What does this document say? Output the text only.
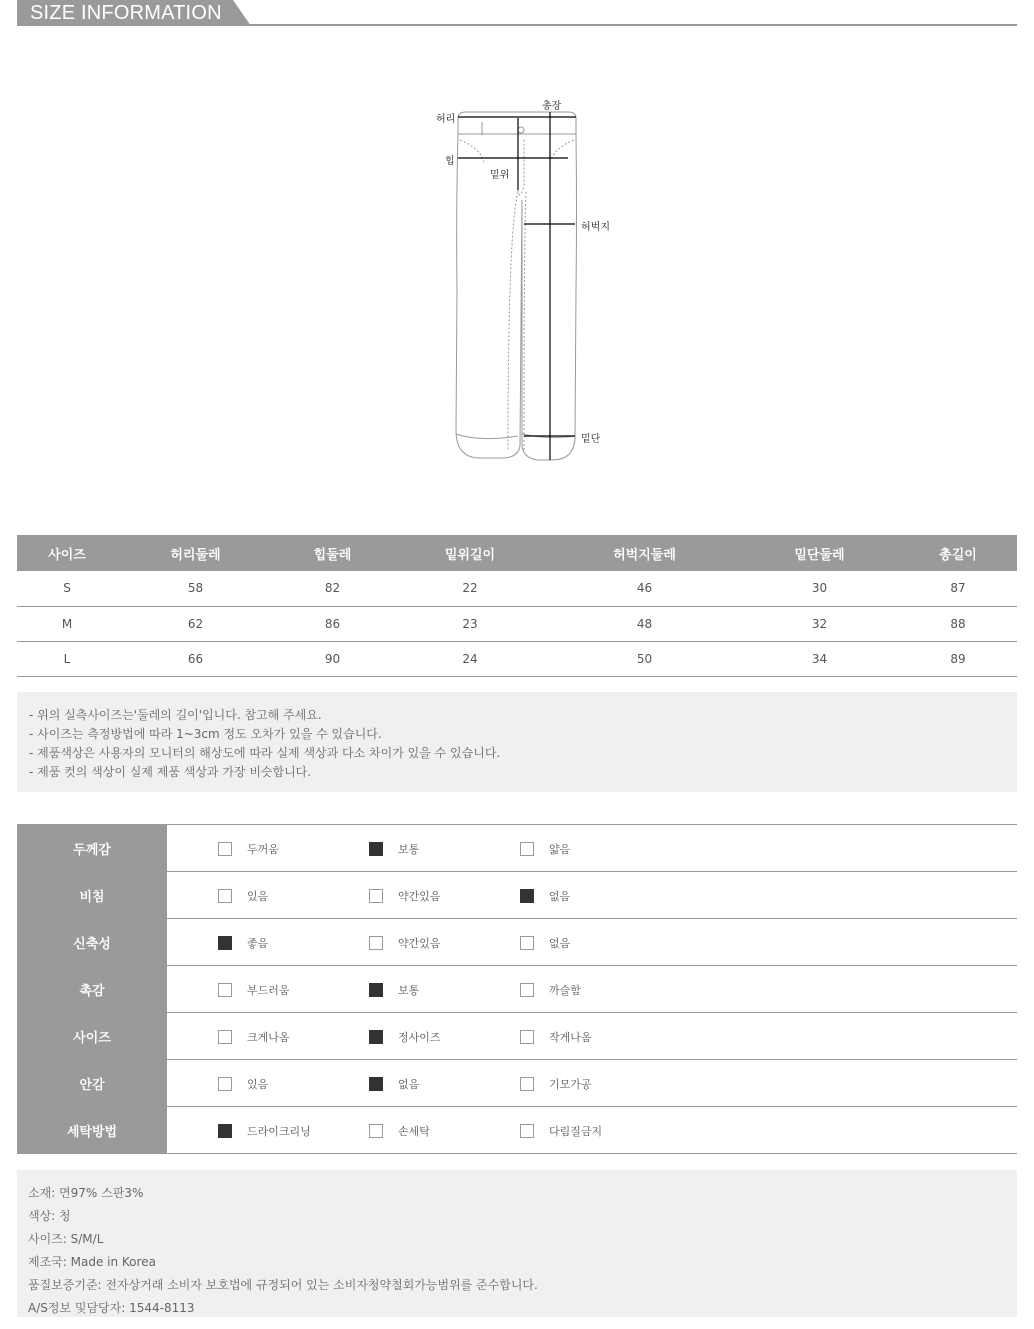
SIZE INFORMATION
허리
총장
힙
밑위
허벅지
밑단
사이즈	허리둘레	힙둘레	밑위길이	허벅지둘레	밑단둘레	총길이
S	58	82	22	46	30	87
M	62	86	23	48	32	88
L	66	90	24	50	34	89

- 위의 실측사이즈는'둘레의 길이'입니다. 참고해 주세요.

- 사이즈는 측정방법에 따라 1~3cm 정도 오차가 있을 수 있습니다.

- 제품색상은 사용자의 모니터의 해상도에 따라 실제 색상과 다소 차이가 있을 수 있습니다.

- 제품 컷의 색상이 실제 제품 색상과 가장 비슷합니다.

두께감	두꺼움	보통	얇음
비침	있음	약간있음	없음
신축성	좋음	약간있음	없음
촉감	부드러움	보통	까슬함
사이즈	크게나옴	정사이즈	작게나옴
안감	있음	없음	기모가공
세탁방법	드라이크리닝	손세탁	다림질금지

소재: 면97% 스판3%

색상: 청

사이즈: S/M/L

제조국: Made in Korea

품질보증기준: 전자상거래 소비자 보호법에 규정되어 있는 소비자청약철회가능범위를 준수합니다.

A/S정보 및담당자: 1544-8113
